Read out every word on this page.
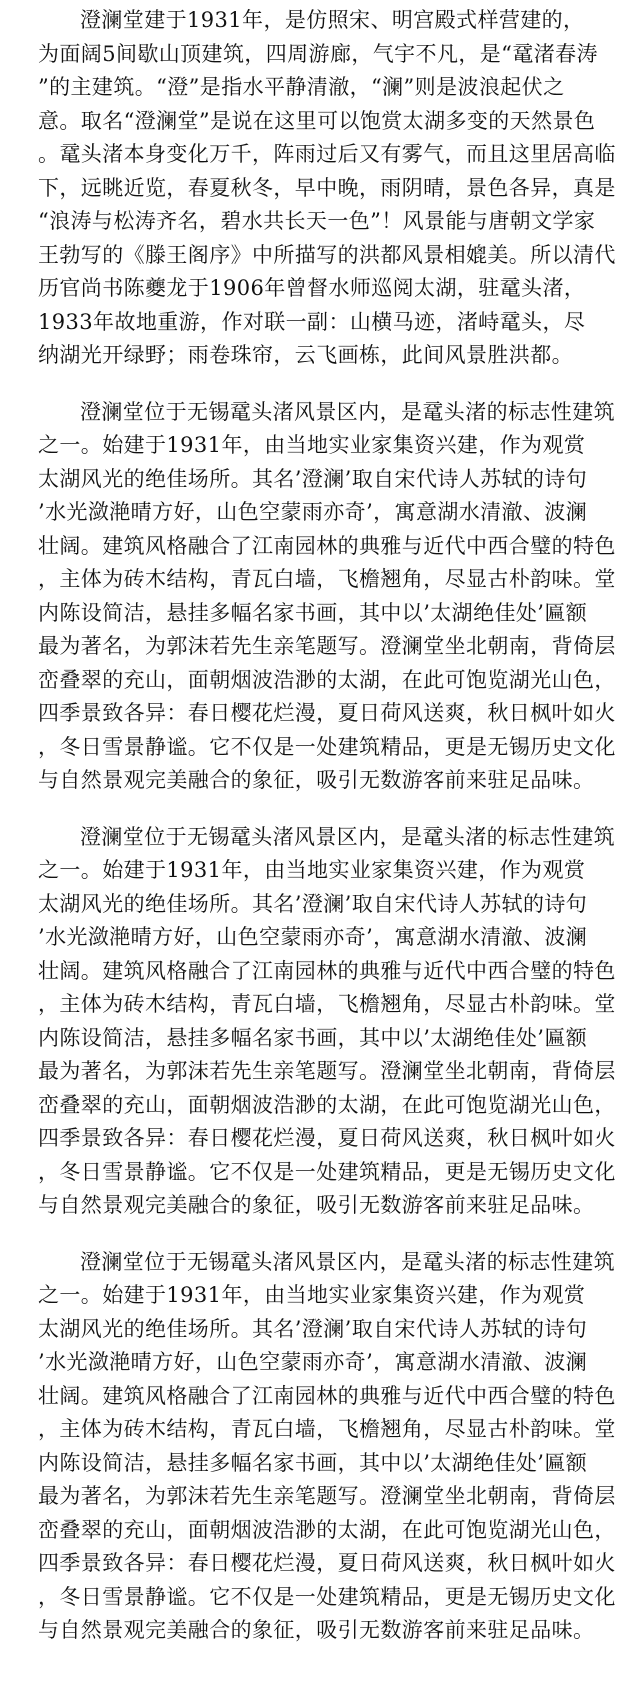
澄澜堂建于1931年，是仿照宋、明宫殿式样营建的，
为面阔5间歇山顶建筑，四周游廊，气宇不凡，是“鼋渚春涛
”的主建筑。“澄”是指水平静清澈，“澜”则是波浪起伏之
意。取名“澄澜堂”是说在这里可以饱赏太湖多变的天然景色
。鼋头渚本身变化万千，阵雨过后又有雾气，而且这里居高临
下，远眺近览，春夏秋冬，早中晚，雨阴晴，景色各异，真是
“浪涛与松涛齐名，碧水共长天一色”！风景能与唐朝文学家
王勃写的《滕王阁序》中所描写的洪都风景相媲美。所以清代
历官尚书陈夔龙于1906年曾督水师巡阅太湖，驻鼋头渚，
1933年故地重游，作对联一副：山横马迹，渚峙鼋头，尽
纳湖光开绿野；雨卷珠帘，云飞画栋，此间风景胜洪都。
澄澜堂位于无锡鼋头渚风景区内，是鼋头渚的标志性建筑
之一。始建于1931年，由当地实业家集资兴建，作为观赏
太湖风光的绝佳场所。其名’澄澜’取自宋代诗人苏轼的诗句
’水光潋滟晴方好，山色空蒙雨亦奇’，寓意湖水清澈、波澜
壮阔。建筑风格融合了江南园林的典雅与近代中西合璧的特色
，主体为砖木结构，青瓦白墙，飞檐翘角，尽显古朴韵味。堂
内陈设简洁，悬挂多幅名家书画，其中以’太湖绝佳处’匾额
最为著名，为郭沫若先生亲笔题写。澄澜堂坐北朝南，背倚层
峦叠翠的充山，面朝烟波浩渺的太湖，在此可饱览湖光山色，
四季景致各异：春日樱花烂漫，夏日荷风送爽，秋日枫叶如火
，冬日雪景静谧。它不仅是一处建筑精品，更是无锡历史文化
与自然景观完美融合的象征，吸引无数游客前来驻足品味。
澄澜堂位于无锡鼋头渚风景区内，是鼋头渚的标志性建筑
之一。始建于1931年，由当地实业家集资兴建，作为观赏
太湖风光的绝佳场所。其名’澄澜’取自宋代诗人苏轼的诗句
’水光潋滟晴方好，山色空蒙雨亦奇’，寓意湖水清澈、波澜
壮阔。建筑风格融合了江南园林的典雅与近代中西合璧的特色
，主体为砖木结构，青瓦白墙，飞檐翘角，尽显古朴韵味。堂
内陈设简洁，悬挂多幅名家书画，其中以’太湖绝佳处’匾额
最为著名，为郭沫若先生亲笔题写。澄澜堂坐北朝南，背倚层
峦叠翠的充山，面朝烟波浩渺的太湖，在此可饱览湖光山色，
四季景致各异：春日樱花烂漫，夏日荷风送爽，秋日枫叶如火
，冬日雪景静谧。它不仅是一处建筑精品，更是无锡历史文化
与自然景观完美融合的象征，吸引无数游客前来驻足品味。
澄澜堂位于无锡鼋头渚风景区内，是鼋头渚的标志性建筑
之一。始建于1931年，由当地实业家集资兴建，作为观赏
太湖风光的绝佳场所。其名’澄澜’取自宋代诗人苏轼的诗句
’水光潋滟晴方好，山色空蒙雨亦奇’，寓意湖水清澈、波澜
壮阔。建筑风格融合了江南园林的典雅与近代中西合璧的特色
，主体为砖木结构，青瓦白墙，飞檐翘角，尽显古朴韵味。堂
内陈设简洁，悬挂多幅名家书画，其中以’太湖绝佳处’匾额
最为著名，为郭沫若先生亲笔题写。澄澜堂坐北朝南，背倚层
峦叠翠的充山，面朝烟波浩渺的太湖，在此可饱览湖光山色，
四季景致各异：春日樱花烂漫，夏日荷风送爽，秋日枫叶如火
，冬日雪景静谧。它不仅是一处建筑精品，更是无锡历史文化
与自然景观完美融合的象征，吸引无数游客前来驻足品味。
